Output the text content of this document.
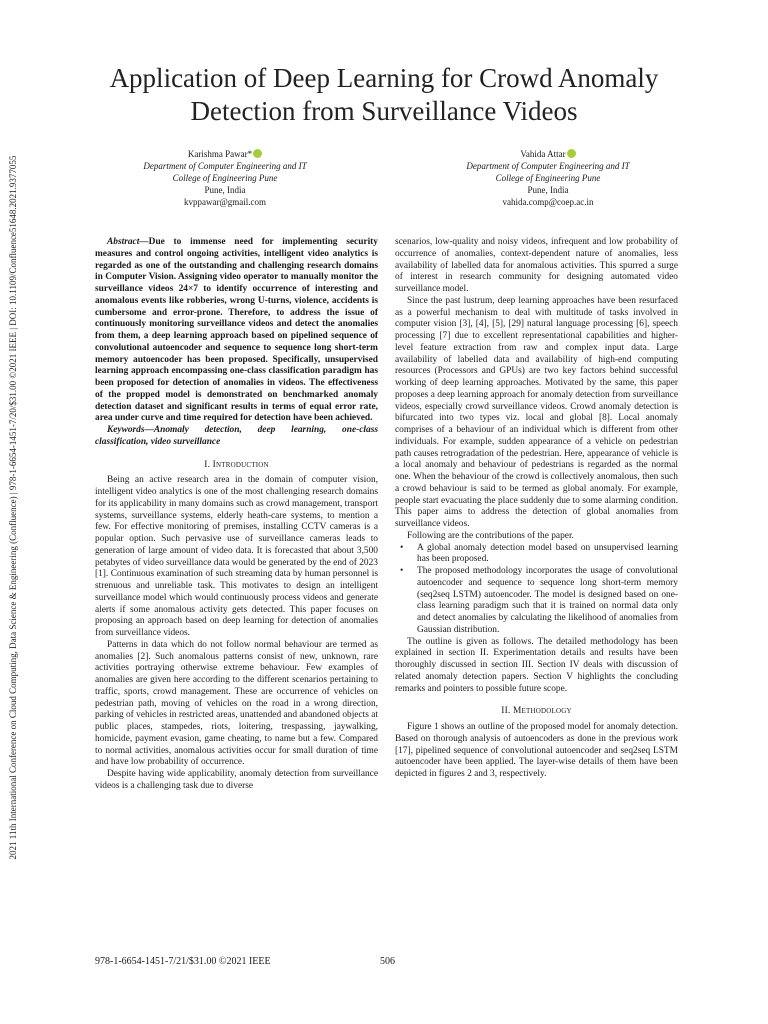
2021 11th International Conference on Cloud Computing, Data Science & Engineering (Confluence) | 978-1-6654-1451-7/20/$31.00 ©2021 IEEE | DOI: 10.1109/Confluence51648.2021.9377055
Application of Deep Learning for Crowd Anomaly
Detection from Surveillance Videos
Karishma Pawar*
Department of Computer Engineering and IT
College of Engineering Pune
Pune, India
kvppawar@gmail.com
Vahida Attar
Department of Computer Engineering and IT
College of Engineering Pune
Pune, India
vahida.comp@coep.ac.in

Abstract—Due to immense need for implementing security measures and control ongoing activities, intelligent video analytics is regarded as one of the outstanding and challenging research domains in Computer Vision. Assigning video operator to manually monitor the surveillance videos 24×7 to identify occurrence of interesting and anomalous events like robberies, wrong U-turns, violence, accidents is cumbersome and error-prone. Therefore, to address the issue of continuously monitoring surveillance videos and detect the anomalies from them, a deep learning approach based on pipelined sequence of convolutional autoencoder and sequence to sequence long short-term memory autoencoder has been proposed. Specifically, unsupervised learning approach encompassing one-class classification paradigm has been proposed for detection of anomalies in videos. The effectiveness of the propped model is demonstrated on benchmarked anomaly detection dataset and significant results in terms of equal error rate, area under curve and time required for detection have been achieved.

Keywords—Anomaly detection, deep learning, one-class classification, video surveillance

I. Introduction

Being an active research area in the domain of computer vision, intelligent video analytics is one of the most challenging research domains for its applicability in many domains such as crowd management, transport systems, surveillance systems, elderly heath-care systems, to mention a few. For effective monitoring of premises, installing CCTV cameras is a popular option. Such pervasive use of surveillance cameras leads to generation of large amount of video data. It is forecasted that about 3,500 petabytes of video surveillance data would be generated by the end of 2023 [1]. Continuous examination of such streaming data by human personnel is strenuous and unreliable task. This motivates to design an intelligent surveillance model which would continuously process videos and generate alerts if some anomalous activity gets detected. This paper focuses on proposing an approach based on deep learning for detection of anomalies from surveillance videos.

Patterns in data which do not follow normal behaviour are termed as anomalies [2]. Such anomalous patterns consist of new, unknown, rare activities portraying otherwise extreme behaviour. Few examples of anomalies are given here according to the different scenarios pertaining to traffic, sports, crowd management. These are occurrence of vehicles on pedestrian path, moving of vehicles on the road in a wrong direction, parking of vehicles in restricted areas, unattended and abandoned objects at public places, stampedes, riots, loitering, trespassing, jaywalking, homicide, payment evasion, game cheating, to name but a few. Compared to normal activities, anomalous activities occur for small duration of time and have low probability of occurrence.

Despite having wide applicability, anomaly detection from surveillance videos is a challenging task due to diverse

scenarios, low-quality and noisy videos, infrequent and low probability of occurrence of anomalies, context-dependent nature of anomalies, less availability of labelled data for anomalous activities. This spurred a surge of interest in research community for designing automated video surveillance model.

Since the past lustrum, deep learning approaches have been resurfaced as a powerful mechanism to deal with multitude of tasks involved in computer vision [3], [4], [5], [29] natural language processing [6], speech processing [7] due to excellent representational capabilities and higher-level feature extraction from raw and complex input data. Large availability of labelled data and availability of high-end computing resources (Processors and GPUs) are two key factors behind successful working of deep learning approaches. Motivated by the same, this paper proposes a deep learning approach for anomaly detection from surveillance videos, especially crowd surveillance videos. Crowd anomaly detection is bifurcated into two types viz. local and global [8]. Local anomaly comprises of a behaviour of an individual which is different from other individuals. For example, sudden appearance of a vehicle on pedestrian path causes retrogradation of the pedestrian. Here, appearance of vehicle is a local anomaly and behaviour of pedestrians is regarded as the normal one. When the behaviour of the crowd is collectively anomalous, then such a crowd behaviour is said to be termed as global anomaly. For example, people start evacuating the place suddenly due to some alarming condition. This paper aims to address the detection of global anomalies from surveillance videos.

Following are the contributions of the paper.

• A global anomaly detection model based on unsupervised learning has been proposed.
• The proposed methodology incorporates the usage of convolutional autoencoder and sequence to sequence long short-term memory (seq2seq LSTM) autoencoder. The model is designed based on one-class learning paradigm such that it is trained on normal data only and detect anomalies by calculating the likelihood of anomalies from Gaussian distribution.

The outline is given as follows. The detailed methodology has been explained in section II. Experimentation details and results have been thoroughly discussed in section III. Section IV deals with discussion of related anomaly detection papers. Section V highlights the concluding remarks and pointers to possible future scope.

II. Methodology

Figure 1 shows an outline of the proposed model for anomaly detection. Based on thorough analysis of autoencoders as done in the previous work [17], pipelined sequence of convolutional autoencoder and seq2seq LSTM autoencoder have been applied. The layer-wise details of them have been depicted in figures 2 and 3, respectively.

978-1-6654-1451-7/21/$31.00 ©2021 IEEE	506
